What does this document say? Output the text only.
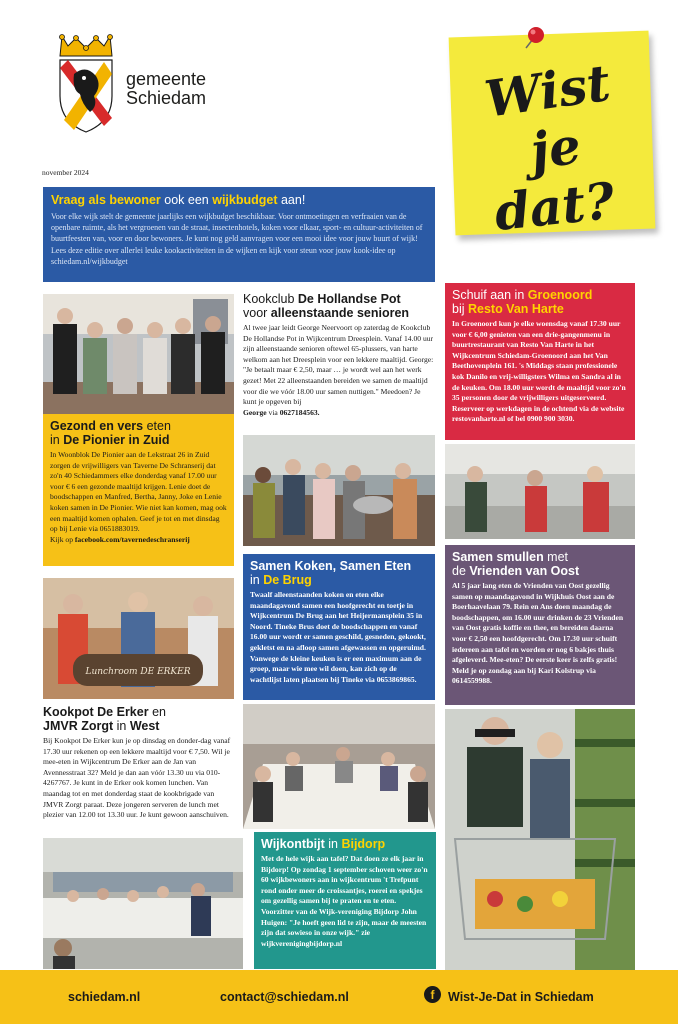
gemeente
Schiedam
november 2024
Wist je
dat?
Vraag als bewoner ook een wijkbudget aan!
Voor elke wijk stelt de gemeente jaarlijks een wijkbudget beschikbaar. Voor ontmoetingen en verfraaien van de openbare ruimte, als het vergroenen van de straat, insectenhotels, koken voor elkaar, sport- en cultuur-activiteiten of buurtfeesten van, voor en door bewoners. Je kunt nog geld aanvragen voor een mooi idee voor jouw buurt of wijk! Lees deze editie over allerlei leuke kookactiviteiten in de wijken en kijk voor steun voor jouw kook-idee op schiedam.nl/wijkbudget
Gezond en vers eten
in De Pionier in Zuid
In Woonblok De Pionier aan de Lekstraat 26 in Zuid zorgen de vrijwilligers van Taverne De Schranserij dat zo'n 40 Schiedammers elke donderdag vanaf 17.00 uur voor € 6 een gezonde maaltijd krijgen. Lenie doet de boodschappen en Manfred, Bertha, Janny, Joke en Lenie koken samen in De Pionier. Wie niet kan komen, mag ook een maaltijd komen ophalen. Geef je tot en met dinsdag op bij Lenie via 0651883019.
Kijk op facebook.com/tavernedeschranserij
Kookclub De Hollandse Pot
voor alleenstaande senioren
Al twee jaar leidt George Neervoort op zaterdag de Kookclub De Hollandse Pot in Wijkcentrum Dreesplein. Vanaf 14.00 uur zijn alleenstaande senioren oftewel 65-plussers, van harte welkom aan het Dreesplein voor een lekkere maaltijd. George: "Je betaalt maar € 2,50, maar … je wordt wel aan het werk gezet! Met 22 alleenstaanden bereiden we samen de maaltijd voor die we vóór 18.00 uur samen nuttigen." Meedoen? Je kunt je opgeven bij
George via 0627184563.
Schuif aan in Groenoord
bij Resto Van Harte
In Groenoord kun je elke woensdag vanaf 17.30 uur voor € 6,00 genieten van een drie-gangenmenu in buurtrestaurant van Resto Van Harte in het Wijkcentrum Schiedam-Groenoord aan het Van Beethovenplein 161. 's Middags staan professionele kok Danilo en vrij-willigsters Wilma en Sandra al in de keuken. Om 18.00 uur wordt de maaltijd voor zo'n 35 personen door de vrijwilligers uitgeserveerd. Reserveer op werkdagen in de ochtend via de website restovanharte.nl of bel 0900 900 3030.
Lunchroom DE ERKER
Kookpot De Erker en
JMVR Zorgt in West
Bij Kookpot De Erker kun je op dinsdag en donder-dag vanaf 17.30 uur rekenen op een lekkere maaltijd voor € 7,50. Wil je mee-eten in Wijkcentrum De Erker aan de Jan van Avennesstraat 32? Meld je dan aan vóór 13.30 uu via 010-4267767. Je kunt in de Erker ook komen lunchen. Van maandag tot en met donderdag staat de kookbrigade van JMVR Zorgt paraat. Deze jongeren serveren de lunch met plezier van 12.00 tot 13.30 uur. Je kunt gewoon aanschuiven.
Samen Koken, Samen Eten
in De Brug
Twaalf alleenstaanden koken en eten elke maandagavond samen een hoofgerecht en toetje in Wijkcentrum De Brug aan het Heijermansplein 35 in Noord. Tineke Brus doet de boodschappen en vanaf 16.00 uur wordt er samen geschild, gesneden, gekookt, gekletst en na afloop samen afgewassen en opgeruimd. Vanwege de kleine keuken is er een maximum aan de groep, maar wie mee wil doen, kan zich op de wachtlijst laten plaatsen bij Tineke via 0653869865.
Samen smullen met
de Vrienden van Oost
Al 5 jaar lang eten de Vrienden van Oost gezellig samen op maandagavond in Wijkhuis Oost aan de Boerhaavelaan 79. Rein en Ans doen maandag de boodschappen, om 16.00 uur drinken de 23 Vrienden van Oost gratis koffie en thee, en bereiden daarna voor € 2,50 een hoofdgerecht. Om 17.30 uur schuift iedereen aan tafel en worden er nog 6 bakjes thuis afgeleverd. Mee-eten? De eerste keer is zelfs gratis! Meld je op zondag aan bij Kari Kolstrup via 0614559988.
Wijkontbijt in Bijdorp
Met de hele wijk aan tafel? Dat doen ze elk jaar in Bijdorp! Op zondag 1 september schoven weer zo'n 60 wijkbewoners aan in wijkcentrum 't Trefpunt rond onder meer de croissantjes, roerei en spekjes om gezellig samen bij te praten en te eten. Voorzitter van de Wijk-vereniging Bijdorp John Huigen: "Je hoeft geen lid te zijn, maar de meesten zijn dat sowieso in onze wijk." zie wijkverenigingbijdorp.nl
schiedam.nl	contact@schiedam.nl	Wist-Je-Dat in Schiedam
f
